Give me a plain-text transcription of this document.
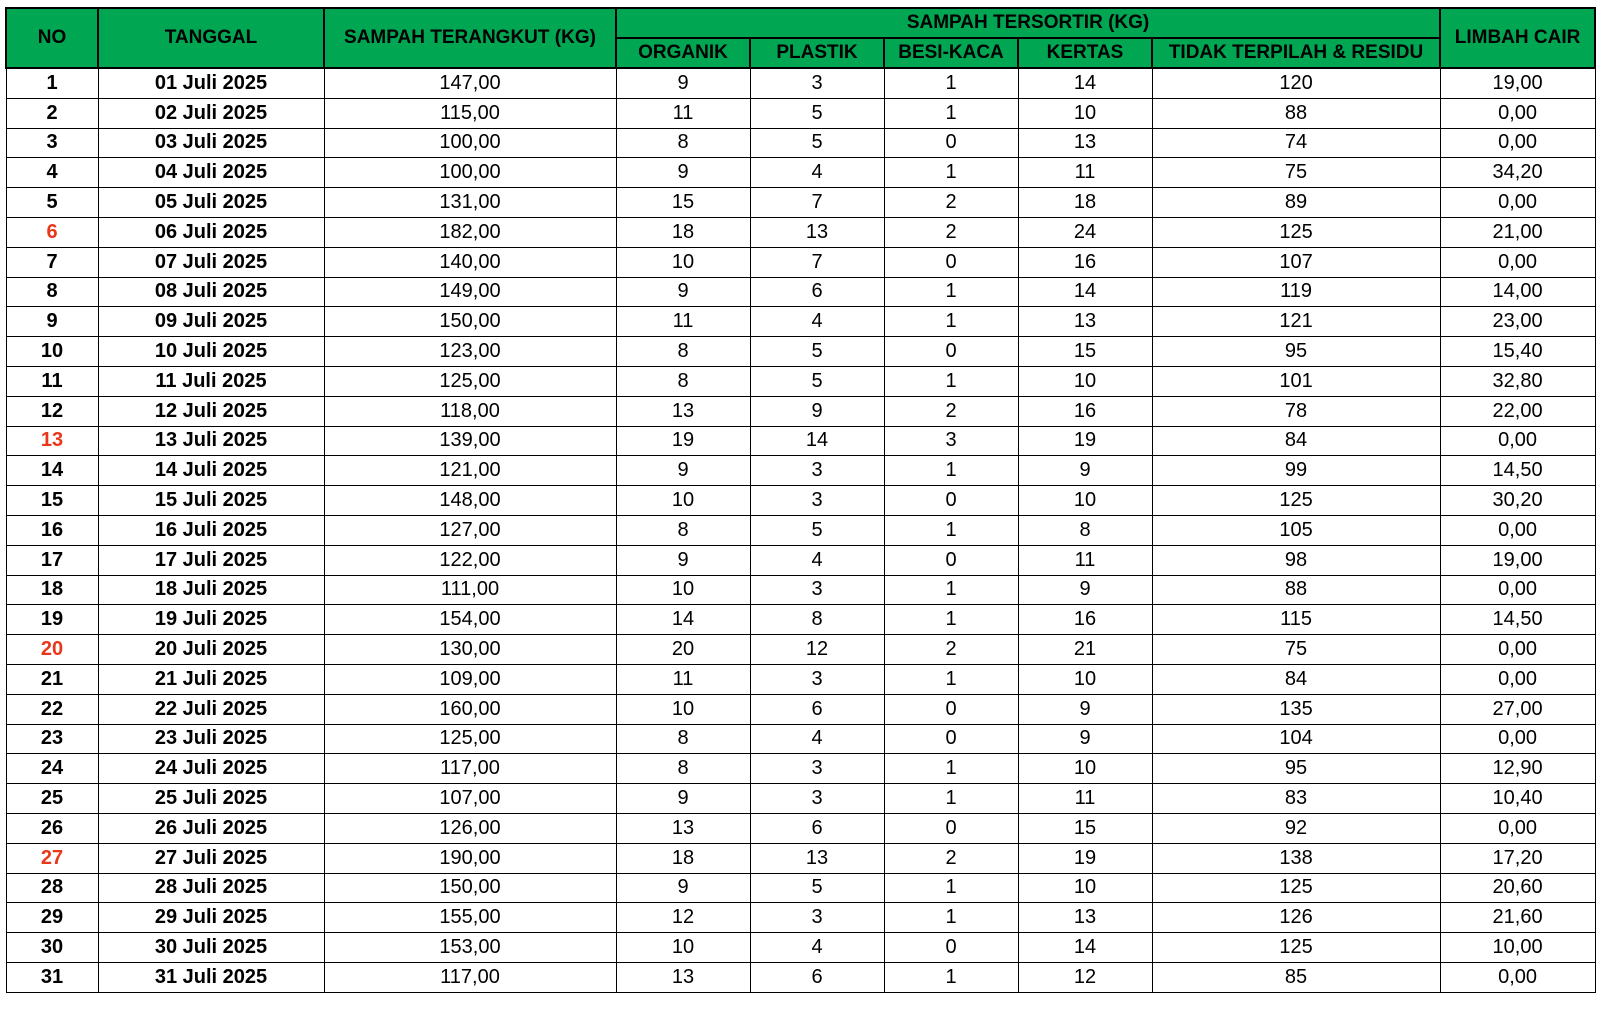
NO	TANGGAL	SAMPAH TERANGKUT (KG)	SAMPAH TERSORTIR (KG)					LIMBAH CAIR
			ORGANIK	PLASTIK	BESI-KACA	KERTAS	TIDAK TERPILAH & RESIDU	
1	01 Juli 2025	147,00	9	3	1	14	120	19,00
2	02 Juli 2025	115,00	11	5	1	10	88	0,00
3	03 Juli 2025	100,00	8	5	0	13	74	0,00
4	04 Juli 2025	100,00	9	4	1	11	75	34,20
5	05 Juli 2025	131,00	15	7	2	18	89	0,00
6	06 Juli 2025	182,00	18	13	2	24	125	21,00
7	07 Juli 2025	140,00	10	7	0	16	107	0,00
8	08 Juli 2025	149,00	9	6	1	14	119	14,00
9	09 Juli 2025	150,00	11	4	1	13	121	23,00
10	10 Juli 2025	123,00	8	5	0	15	95	15,40
11	11 Juli 2025	125,00	8	5	1	10	101	32,80
12	12 Juli 2025	118,00	13	9	2	16	78	22,00
13	13 Juli 2025	139,00	19	14	3	19	84	0,00
14	14 Juli 2025	121,00	9	3	1	9	99	14,50
15	15 Juli 2025	148,00	10	3	0	10	125	30,20
16	16 Juli 2025	127,00	8	5	1	8	105	0,00
17	17 Juli 2025	122,00	9	4	0	11	98	19,00
18	18 Juli 2025	111,00	10	3	1	9	88	0,00
19	19 Juli 2025	154,00	14	8	1	16	115	14,50
20	20 Juli 2025	130,00	20	12	2	21	75	0,00
21	21 Juli 2025	109,00	11	3	1	10	84	0,00
22	22 Juli 2025	160,00	10	6	0	9	135	27,00
23	23 Juli 2025	125,00	8	4	0	9	104	0,00
24	24 Juli 2025	117,00	8	3	1	10	95	12,90
25	25 Juli 2025	107,00	9	3	1	11	83	10,40
26	26 Juli 2025	126,00	13	6	0	15	92	0,00
27	27 Juli 2025	190,00	18	13	2	19	138	17,20
28	28 Juli 2025	150,00	9	5	1	10	125	20,60
29	29 Juli 2025	155,00	12	3	1	13	126	21,60
30	30 Juli 2025	153,00	10	4	0	14	125	10,00
31	31 Juli 2025	117,00	13	6	1	12	85	0,00
